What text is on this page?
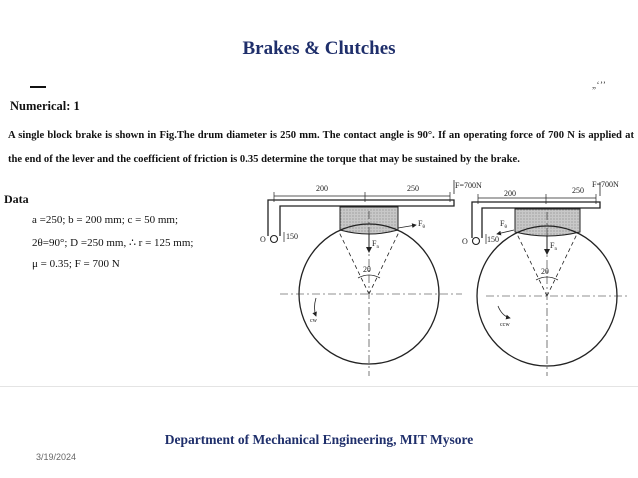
Brakes & Clutches
„‘’’
Numerical: 1
A single block brake is shown in Fig.The drum diameter is 250 mm. The contact angle is 90°. If an operating force of 700 N is applied at the end of the lever and the coefficient of friction is 0.35 determine the torque that may be sustained by the brake.
Data
a =250; b = 200 mm; c = 50 mm;
2θ=90°; D =250 mm, ∴ r = 125 mm;
μ = 0.35; F = 700 N
200	250	F=700N
150
O	$F_n$
$F_\theta$
2θ
cw
200	250
F=700N
150
O	$F_n$
$F_\theta$
2θ
ccw
Department of Mechanical Engineering, MIT Mysore
3/19/2024
